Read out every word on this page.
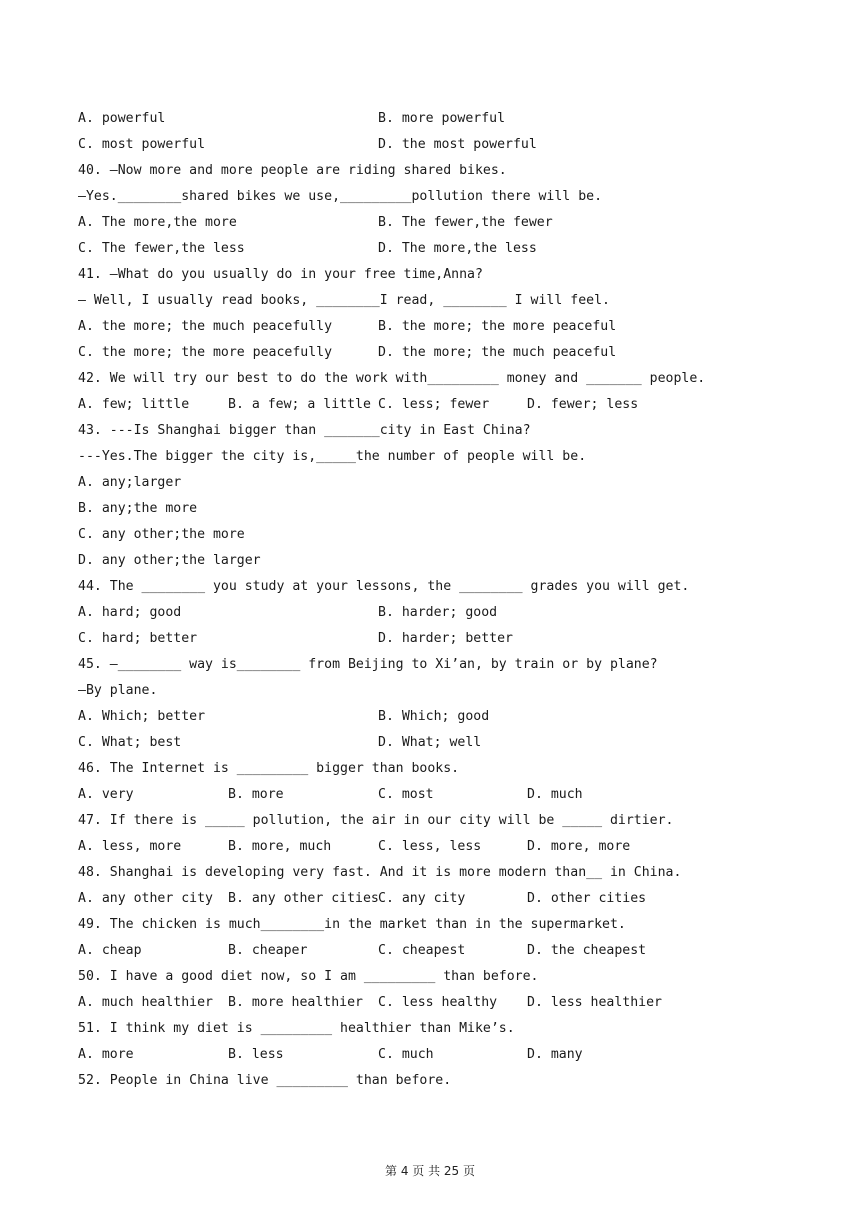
A. powerful	B. more powerful
C. most powerful	D. the most powerful
40. —Now more and more people are riding shared bikes.
—Yes.________shared bikes we use,_________pollution there will be.
A. The more,the more	B. The fewer,the fewer
C. The fewer,the less	D. The more,the less
41. —What do you usually do in your free time,Anna?
— Well, I usually read books, ________I read, ________ I will feel.
A. the more; the much peacefully	B. the more; the more peaceful
C. the more; the more peacefully	D. the more; the much peaceful
42. We will try our best to do the work with_________ money and _______ people.
A. few; little	B. a few; a little C. less; fewer	D. fewer; less
43. ---Is Shanghai bigger than _______city in East China?
---Yes.The bigger the city is,_____the number of people will be.
A. any;larger
B. any;the more
C. any other;the more
D. any other;the larger
44. The ________ you study at your lessons, the ________ grades you will get.
A. hard; good	B. harder; good
C. hard; better	D. harder; better
45. —________ way is________ from Beijing to Xi’an, by train or by plane?
—By plane.
A. Which; better	B. Which; good
C. What; best	D. What; well
46. The Internet is _________ bigger than books.
A. very	B. more	C. most	D. much
47. If there is _____ pollution, the air in our city will be _____ dirtier.
A. less, more	B. more, much	C. less, less	D. more, more
48. Shanghai is developing very fast. And it is more modern than__ in China.
A. any other city B. any other cities C. any city	D. other cities
49. The chicken is much________in the market than in the supermarket.
A. cheap	B. cheaper	C. cheapest	D. the cheapest
50. I have a good diet now, so I am _________ than before.
A. much healthier B. more healthier C. less healthy D. less healthier
51. I think my diet is _________ healthier than Mike’s.
A. more	B. less	C. much	D. many
52. People in China live _________ than before.
第 4 页 共 25 页
